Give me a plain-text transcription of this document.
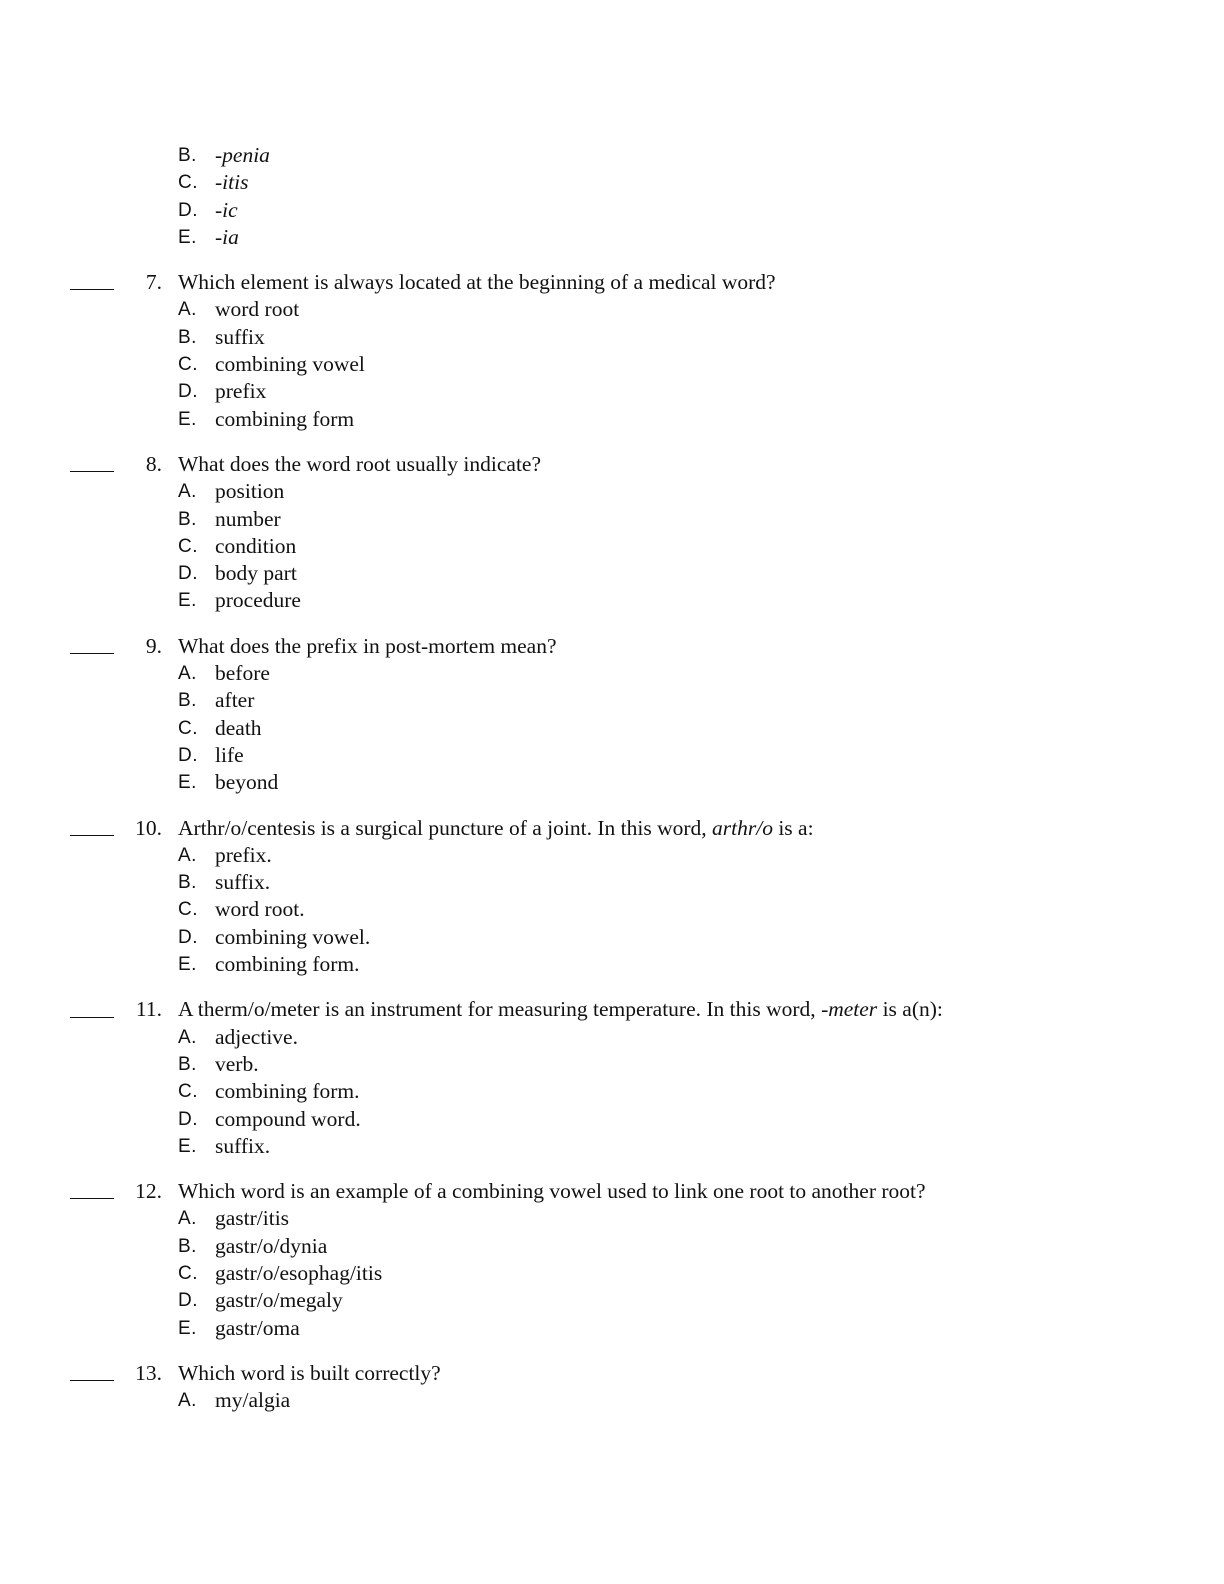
B. -penia
C. -itis
D. -ic
E. -ia
7. Which element is always located at the beginning of a medical word?
A. word root
B. suffix
C. combining vowel
D. prefix
E. combining form
8. What does the word root usually indicate?
A. position
B. number
C. condition
D. body part
E. procedure
9. What does the prefix in post-mortem mean?
A. before
B. after
C. death
D. life
E. beyond
10. Arthr/o/centesis is a surgical puncture of a joint. In this word, arthr/o is a:
A. prefix.
B. suffix.
C. word root.
D. combining vowel.
E. combining form.
11. A therm/o/meter is an instrument for measuring temperature. In this word, -meter is a(n):
A. adjective.
B. verb.
C. combining form.
D. compound word.
E. suffix.
12. Which word is an example of a combining vowel used to link one root to another root?
A. gastr/itis
B. gastr/o/dynia
C. gastr/o/esophag/itis
D. gastr/o/megaly
E. gastr/oma
13. Which word is built correctly?
A. my/algia
